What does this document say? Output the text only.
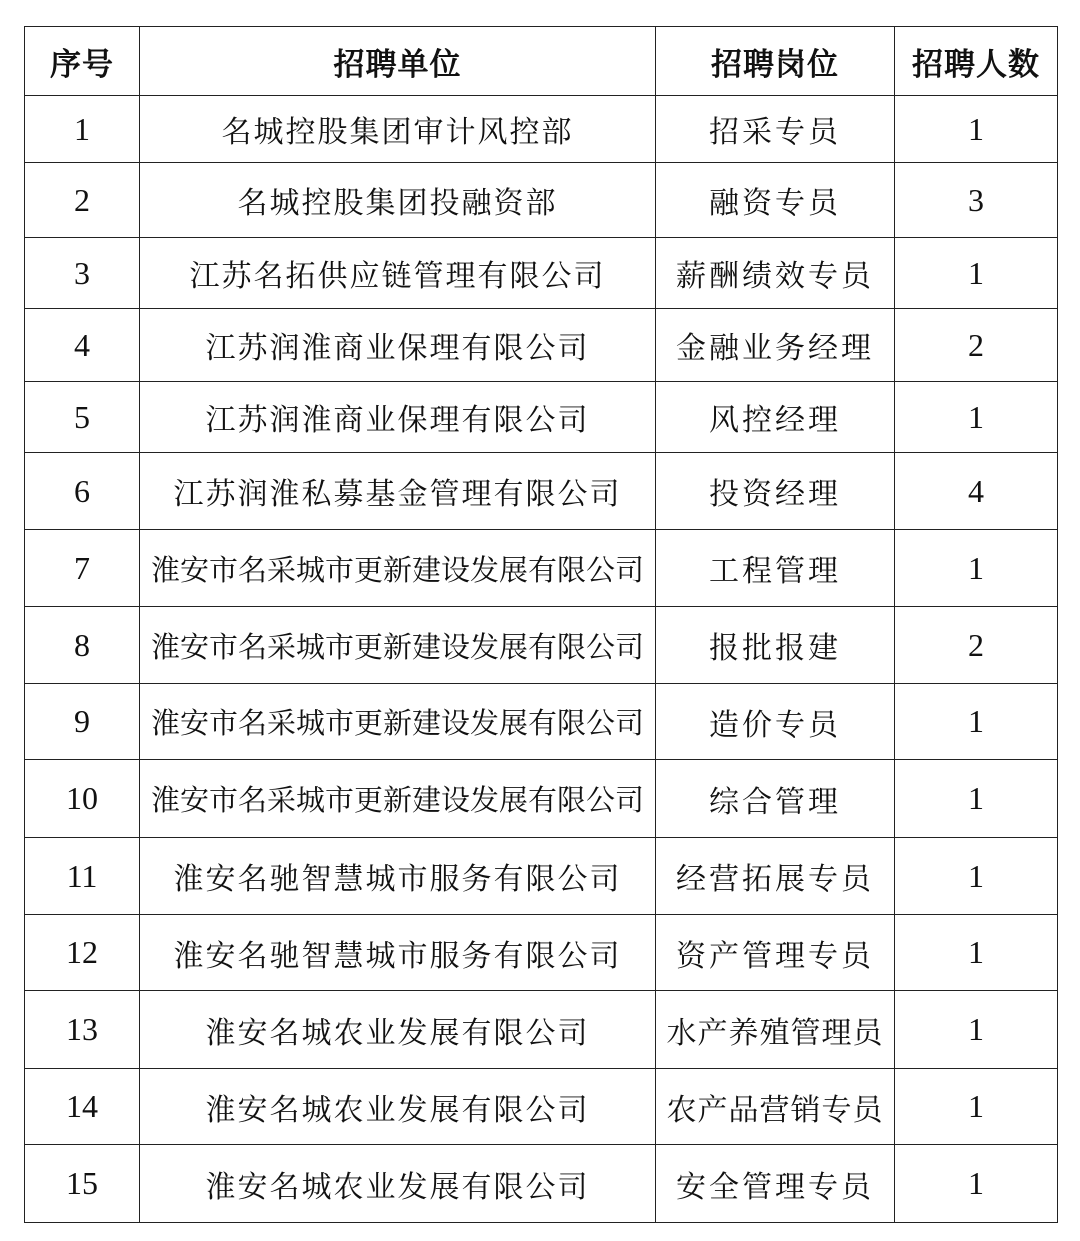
序号	招聘单位	招聘岗位	招聘人数
1	名城控股集团审计风控部	招采专员	1
2	名城控股集团投融资部	融资专员	3
3	江苏名拓供应链管理有限公司	薪酬绩效专员	1
4	江苏润淮商业保理有限公司	金融业务经理	2
5	江苏润淮商业保理有限公司	风控经理	1
6	江苏润淮私募基金管理有限公司	投资经理	4
7	淮安市名采城市更新建设发展有限公司	工程管理	1
8	淮安市名采城市更新建设发展有限公司	报批报建	2
9	淮安市名采城市更新建设发展有限公司	造价专员	1
10	淮安市名采城市更新建设发展有限公司	综合管理	1
11	淮安名驰智慧城市服务有限公司	经营拓展专员	1
12	淮安名驰智慧城市服务有限公司	资产管理专员	1
13	淮安名城农业发展有限公司	水产养殖管理员	1
14	淮安名城农业发展有限公司	农产品营销专员	1
15	淮安名城农业发展有限公司	安全管理专员	1
